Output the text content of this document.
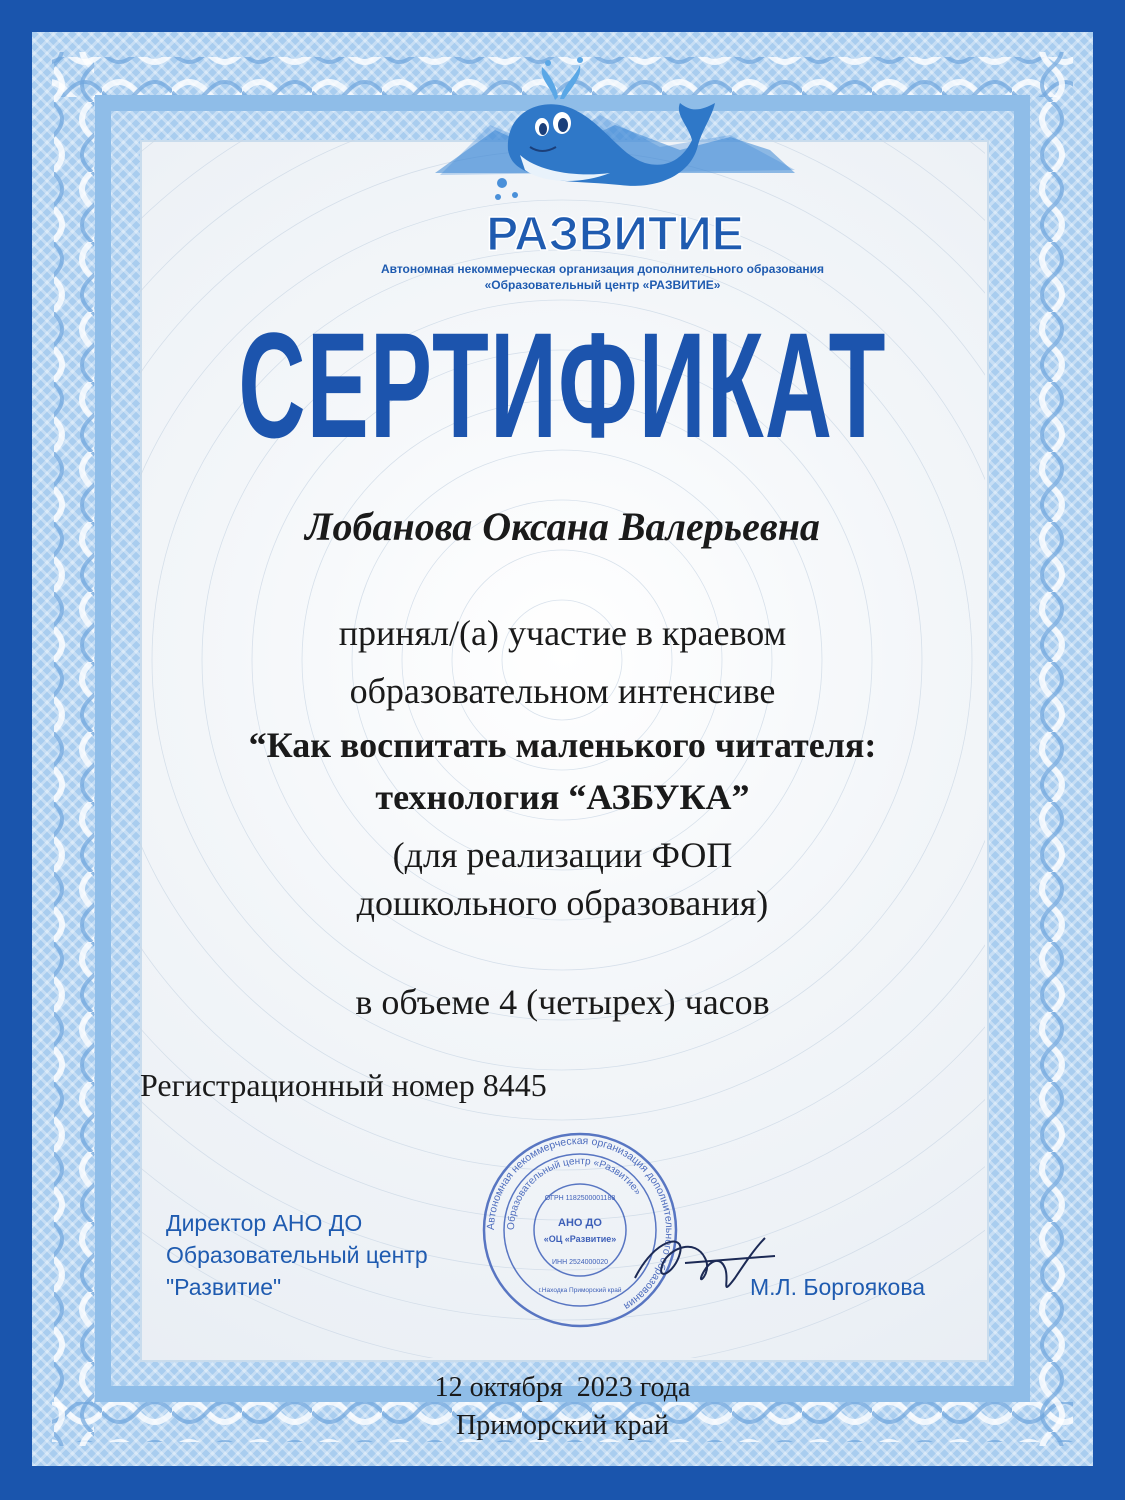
РАЗВИТИЕ
Автономная некоммерческая организация дополнительного образования
«Образовательный центр «РАЗВИТИЕ»
СЕРТИФИКАТ
Лобанова Оксана Валерьевна
принял/(а) участие в краевом
образовательном интенсиве
“Как воспитать маленького читателя:
технология “АЗБУКА”
(для реализации ФОП
дошкольного образования)
в объеме 4 (четырех) часов
Регистрационный номер 8445
Директор АНО ДО
Образовательный центр
"Развитие"
Автономная некоммерческая организация дополнительного образования
Образовательный центр «Развитие»
АНО ДО
«ОЦ «Развитие»
ОГРН 1182500001188
ИНН 2524000020
г.Находка Приморский край	М.Л. Боргоякова
12 октября  2023 года
Приморский край
